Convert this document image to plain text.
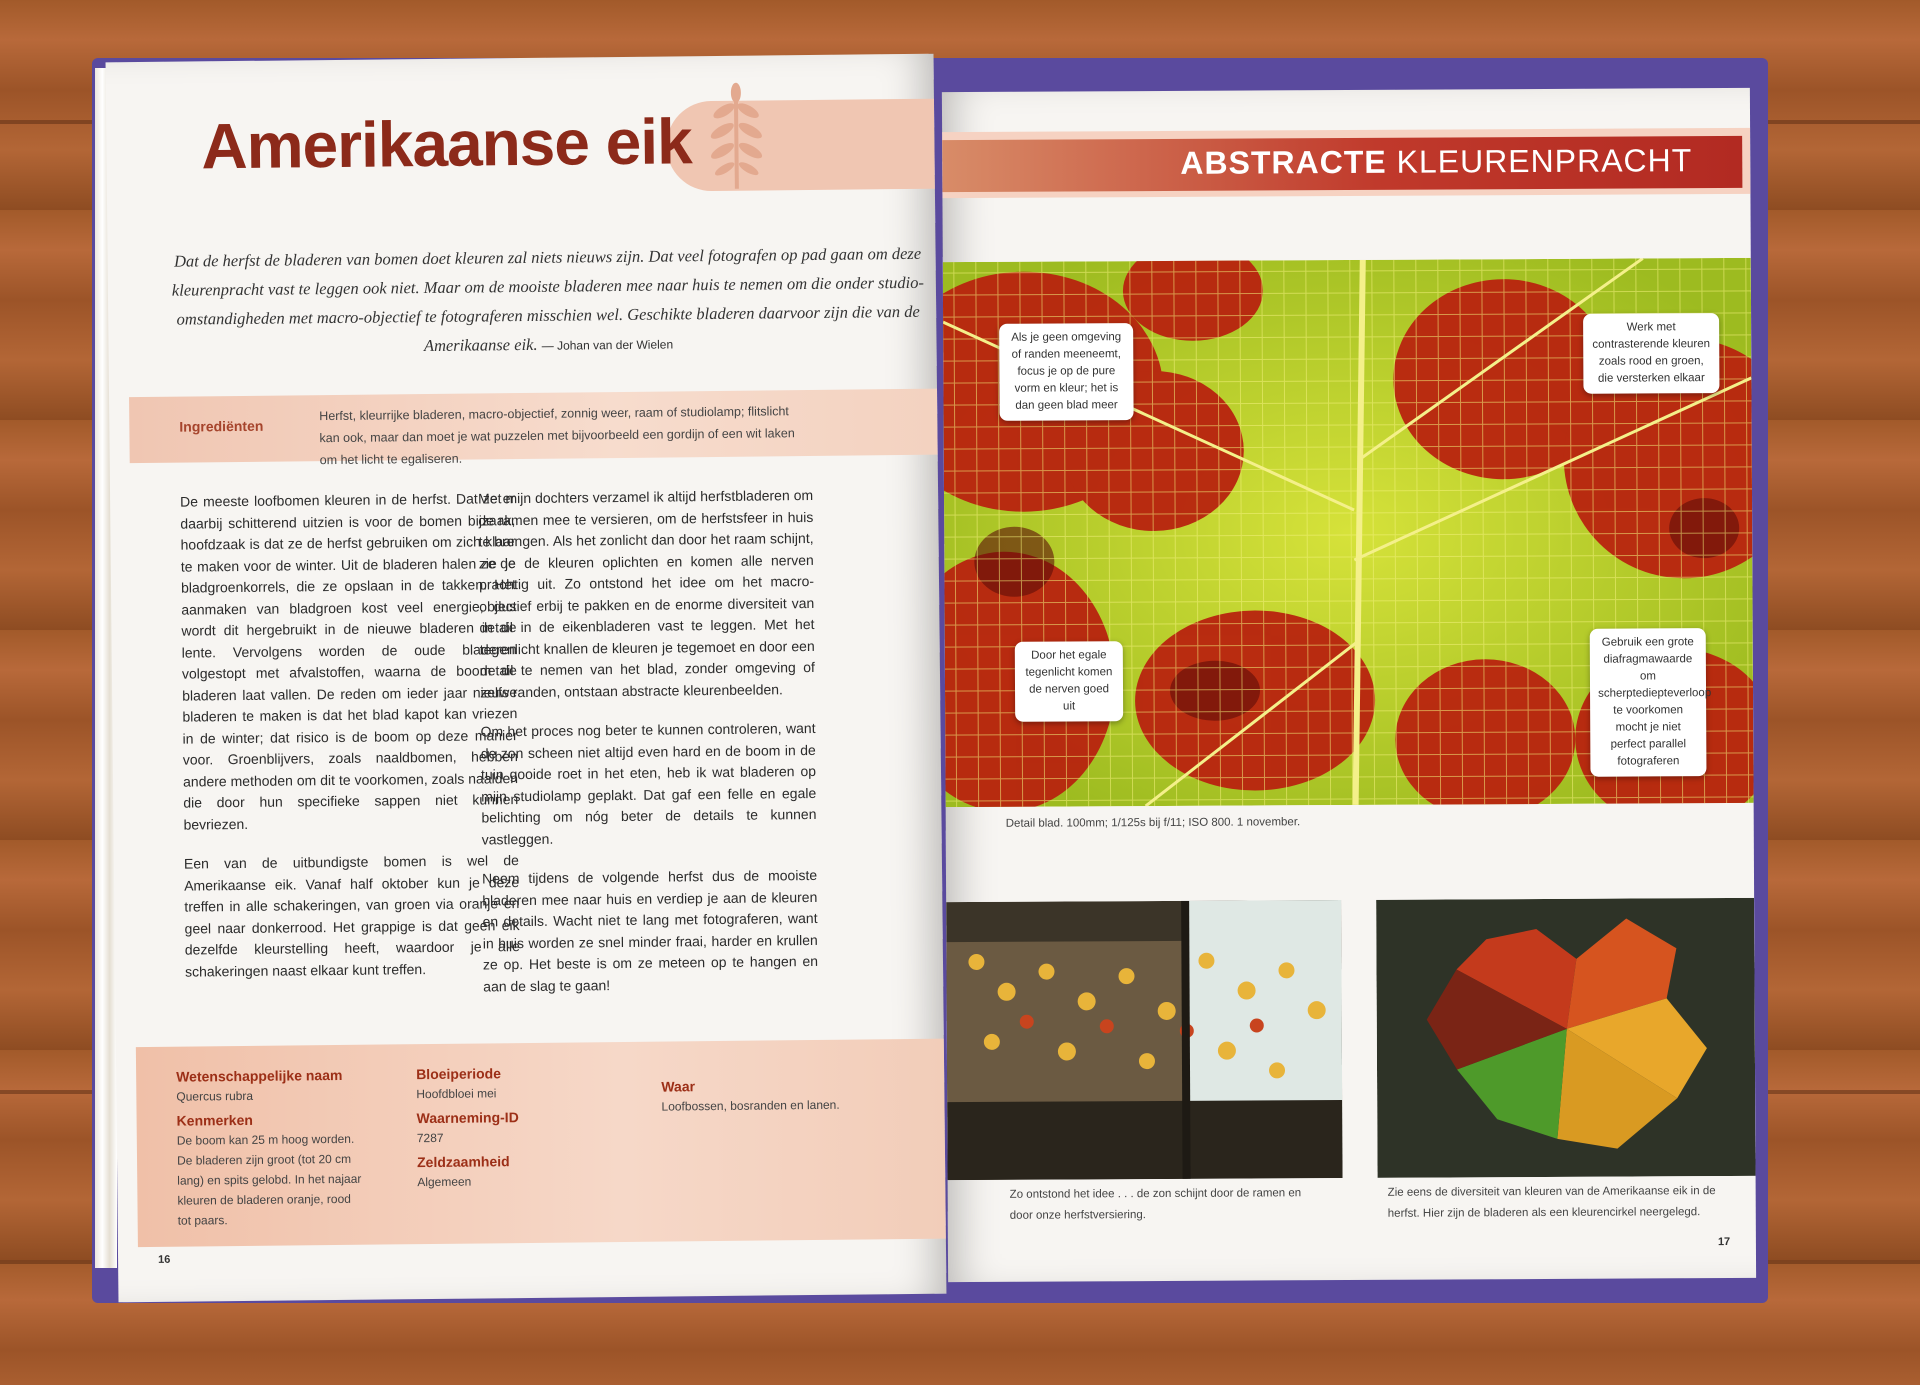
Amerikaanse eik
Dat de herfst de bladeren van bomen doet kleuren zal niets nieuws zijn. Dat veel fotografen op pad gaan om deze kleurenpracht vast te leggen ook niet. Maar om de mooiste bladeren mee naar huis te nemen om die onder studio-omstandigheden met macro-objectief te fotograferen misschien wel. Geschikte bladeren daarvoor zijn die van de Amerikaanse eik. — Johan van der Wielen
Ingrediënten
Herfst, kleurrijke bladeren, macro-objectief, zonnig weer, raam of studiolamp; flitslicht kan ook, maar dan moet je wat puzzelen met bijvoorbeeld een gordijn of een wit laken om het licht te egaliseren.

De meeste loofbomen kleuren in de herfst. Dat ze er daarbij schitterend uitzien is voor de bomen bijzaak, hoofdzaak is dat ze de herfst gebruiken om zich klaar te maken voor de winter. Uit de bladeren halen ze de bladgroenkorrels, die ze opslaan in de takken. Het aanmaken van bladgroen kost veel energie, dus wordt dit hergebruikt in de nieuwe bladeren in de lente. Vervolgens worden de oude bladeren volgestopt met afvalstoffen, waarna de boom de bladeren laat vallen. De reden om ieder jaar nieuwe bladeren te maken is dat het blad kapot kan vriezen in de winter; dat risico is de boom op deze manier voor. Groenblijvers, zoals naaldbomen, hebben andere methoden om dit te voorkomen, zoals naalden die door hun specifieke sappen niet kunnen bevriezen.

Een van de uitbundigste bomen is wel de Amerikaanse eik. Vanaf half oktober kun je deze treffen in alle schakeringen, van groen via oranje en geel naar donkerrood. Het grappige is dat geen eik dezelfde kleurstelling heeft, waardoor je alle schakeringen naast elkaar kunt treffen.

Met mijn dochters verzamel ik altijd herfstbladeren om de ramen mee te versieren, om de herfstsfeer in huis te brengen. Als het zonlicht dan door het raam schijnt, zie je de kleuren oplichten en komen alle nerven prachtig uit. Zo ontstond het idee om het macro-objectief erbij te pakken en de enorme diversiteit van detail in de eikenbladeren vast te leggen. Met het tegenlicht knallen de kleuren je tegemoet en door een detail te nemen van het blad, zonder omgeving of zelfs randen, ontstaan abstracte kleurenbeelden.

Om het proces nog beter te kunnen controleren, want de zon scheen niet altijd even hard en de boom in de tuin gooide roet in het eten, heb ik wat bladeren op mijn studiolamp geplakt. Dat gaf een felle en egale belichting om nóg beter de details te kunnen vastleggen.

Neem tijdens de volgende herfst dus de mooiste bladeren mee naar huis en verdiep je aan de kleuren en details. Wacht niet te lang met fotograferen, want in huis worden ze snel minder fraai, harder en krullen ze op. Het beste is om ze meteen op te hangen en aan de slag te gaan!

Wetenschappelijke naam

Quercus rubra

Kenmerken

De boom kan 25 m hoog worden. De bladeren zijn groot (tot 20 cm lang) en spits gelobd. In het najaar kleuren de bladeren oranje, rood tot paars.

Bloeiperiode

Hoofdbloei mei

Waarneming-ID

7287

Zeldzaamheid

Algemeen

Waar

Loofbossen, bosranden en lanen.

16
ABSTRACTE KLEURENPRACHT
Als je geen omgeving of randen meeneemt, focus je op de pure vorm en kleur; het is dan geen blad meer
Werk met contrasterende kleuren zoals rood en groen, die versterken elkaar
Door het egale tegenlicht komen de nerven goed uit
Gebruik een grote diafragmawaarde om scherptediepteverloop te voorkomen mocht je niet perfect parallel fotograferen
Detail blad. 100mm; 1/125s bij f/11; ISO 800. 1 november.
Zo ontstond het idee . . . de zon schijnt door de ramen en door onze herfstversiering.
Zie eens de diversiteit van kleuren van de Amerikaanse eik in de herfst. Hier zijn de bladeren als een kleurencirkel neergelegd.
17
